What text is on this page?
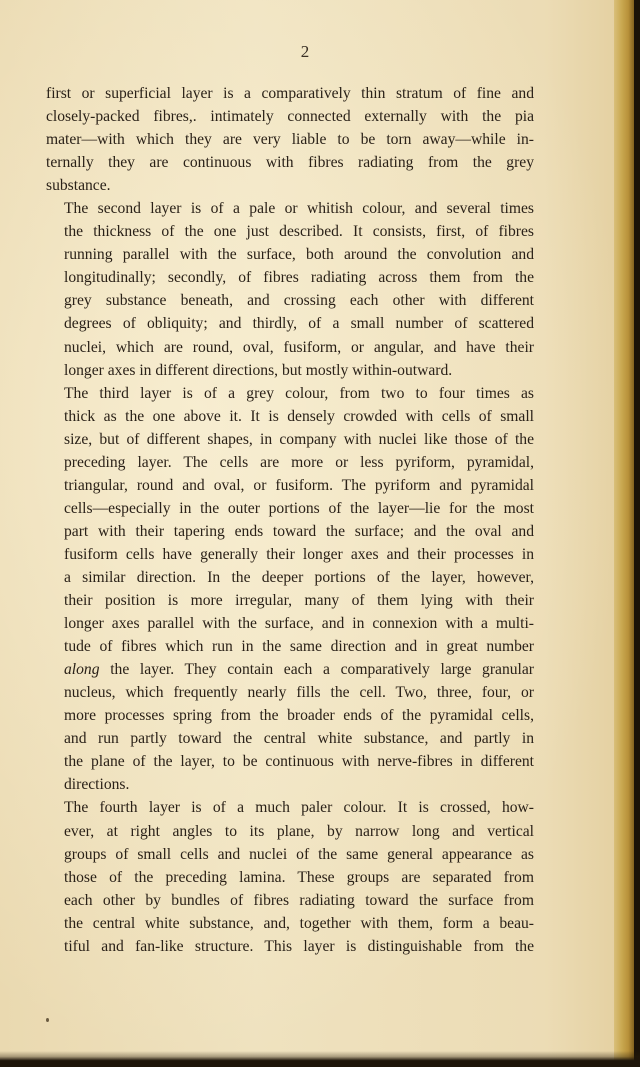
2

first or superficial layer is a comparatively thin stratum of fine and
closely-packed fibres,. intimately connected externally with the pia
mater—with which they are very liable to be torn away—while in-
ternally they are continuous with fibres radiating from the grey
substance.

The second layer is of a pale or whitish colour, and several times
the thickness of the one just described. It consists, first, of fibres
running parallel with the surface, both around the convolution and
longitudinally; secondly, of fibres radiating across them from the
grey substance beneath, and crossing each other with different
degrees of obliquity; and thirdly, of a small number of scattered
nuclei, which are round, oval, fusiform, or angular, and have their
longer axes in different directions, but mostly within-outward.

The third layer is of a grey colour, from two to four times as
thick as the one above it. It is densely crowded with cells of small
size, but of different shapes, in company with nuclei like those of the
preceding layer. The cells are more or less pyriform, pyramidal,
triangular, round and oval, or fusiform. The pyriform and pyramidal
cells—especially in the outer portions of the layer—lie for the most
part with their tapering ends toward the surface; and the oval and
fusiform cells have generally their longer axes and their processes in
a similar direction. In the deeper portions of the layer, however,
their position is more irregular, many of them lying with their
longer axes parallel with the surface, and in connexion with a multi-
tude of fibres which run in the same direction and in great number
along the layer. They contain each a comparatively large granular
nucleus, which frequently nearly fills the cell. Two, three, four, or
more processes spring from the broader ends of the pyramidal cells,
and run partly toward the central white substance, and partly in
the plane of the layer, to be continuous with nerve-fibres in different
directions.

The fourth layer is of a much paler colour. It is crossed, how-
ever, at right angles to its plane, by narrow long and vertical
groups of small cells and nuclei of the same general appearance as
those of the preceding lamina. These groups are separated from
each other by bundles of fibres radiating toward the surface from
the central white substance, and, together with them, form a beau-
tiful and fan-like structure. This layer is distinguishable from the
